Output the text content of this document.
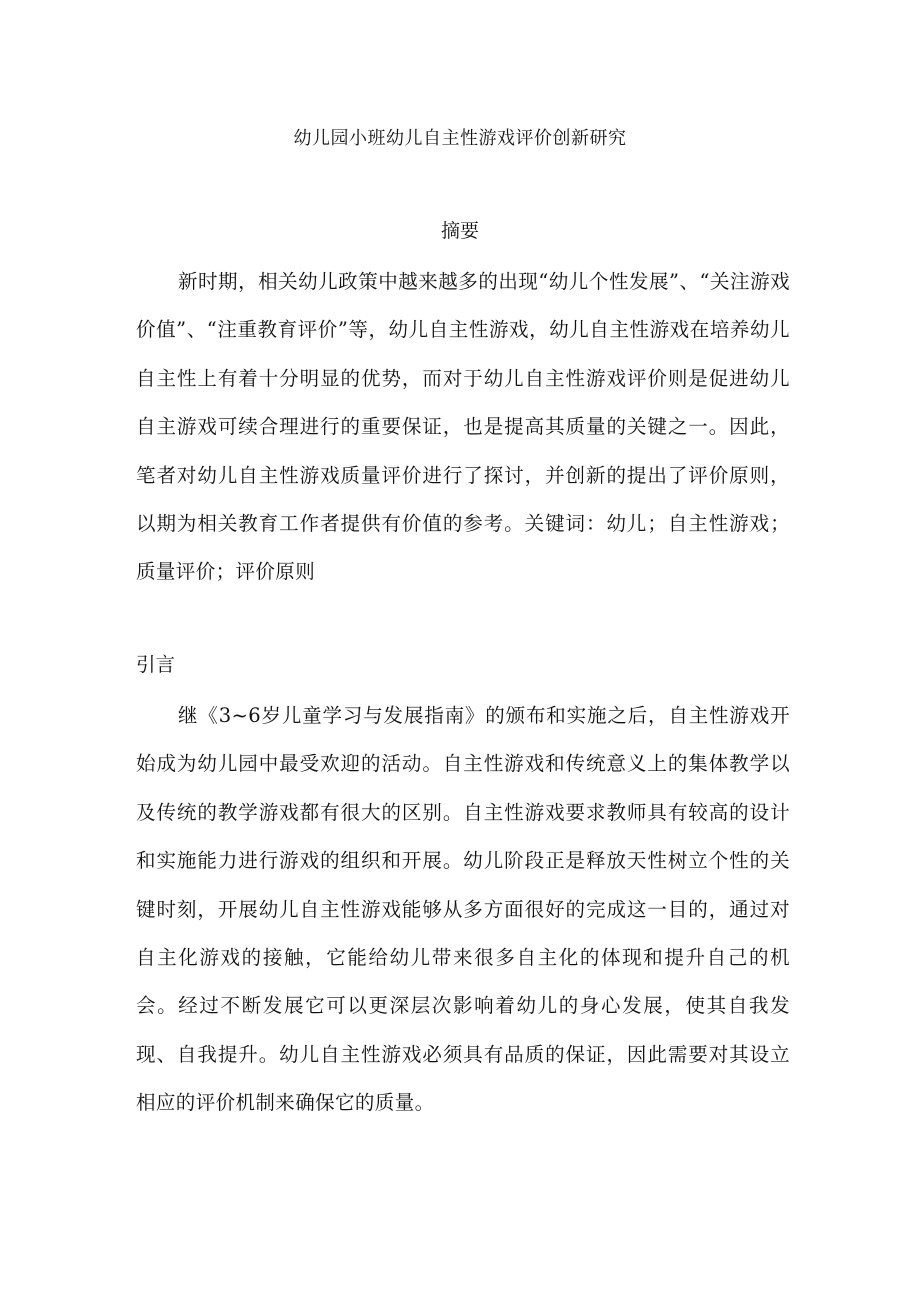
幼儿园小班幼儿自主性游戏评价创新研究
摘要

新时期，相关幼儿政策中越来越多的出现“幼儿个性发展”、“关注游戏价值”、“注重教育评价”等，幼儿自主性游戏，幼儿自主性游戏在培养幼儿自主性上有着十分明显的优势，而对于幼儿自主性游戏评价则是促进幼儿自主游戏可续合理进行的重要保证，也是提高其质量的关键之一。因此，笔者对幼儿自主性游戏质量评价进行了探讨，并创新的提出了评价原则，以期为相关教育工作者提供有价值的参考。关键词：幼儿；自主性游戏；质量评价；评价原则

引言

继《3~6岁儿童学习与发展指南》的颁布和实施之后，自主性游戏开始成为幼儿园中最受欢迎的活动。自主性游戏和传统意义上的集体教学以及传统的教学游戏都有很大的区别。自主性游戏要求教师具有较高的设计和实施能力进行游戏的组织和开展。幼儿阶段正是释放天性树立个性的关键时刻，开展幼儿自主性游戏能够从多方面很好的完成这一目的，通过对自主化游戏的接触，它能给幼儿带来很多自主化的体现和提升自己的机会。经过不断发展它可以更深层次影响着幼儿的身心发展，使其自我发现、自我提升。幼儿自主性游戏必须具有品质的保证，因此需要对其设立相应的评价机制来确保它的质量。
